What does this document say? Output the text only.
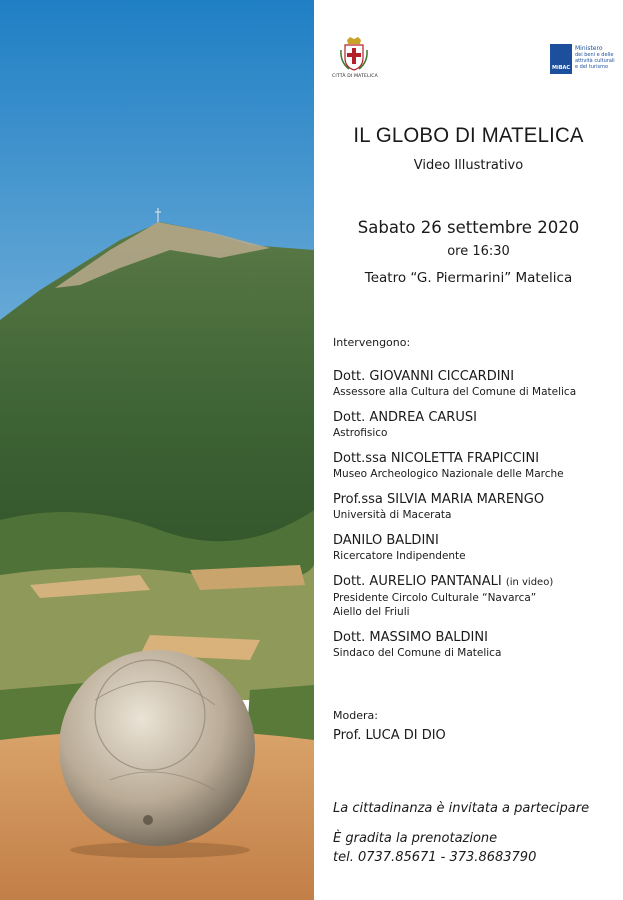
CITTÀ DI MATELICA
MiBAC
Ministero
dei beni e delle
attività culturali
e del turismo
IL GLOBO DI MATELICA
Video Illustrativo
Sabato 26 settembre 2020
ore 16:30
Teatro “G. Piermarini” Matelica
Intervengono:
Dott. GIOVANNI CICCARDINI
Assessore alla Cultura del Comune di Matelica
Dott. ANDREA CARUSI
Astrofisico
Dott.ssa NICOLETTA FRAPICCINI
Museo Archeologico Nazionale delle Marche
Prof.ssa SILVIA MARIA MARENGO
Università di Macerata
DANILO BALDINI
Ricercatore Indipendente
Dott. AURELIO PANTANALI (in video)
Presidente Circolo Culturale “Navarca”
Aiello del Friuli
Dott. MASSIMO BALDINI
Sindaco del Comune di Matelica
Modera:
Prof. LUCA DI DIO
La cittadinanza è invitata a partecipare
È gradita la prenotazione
tel. 0737.85671 - 373.8683790
